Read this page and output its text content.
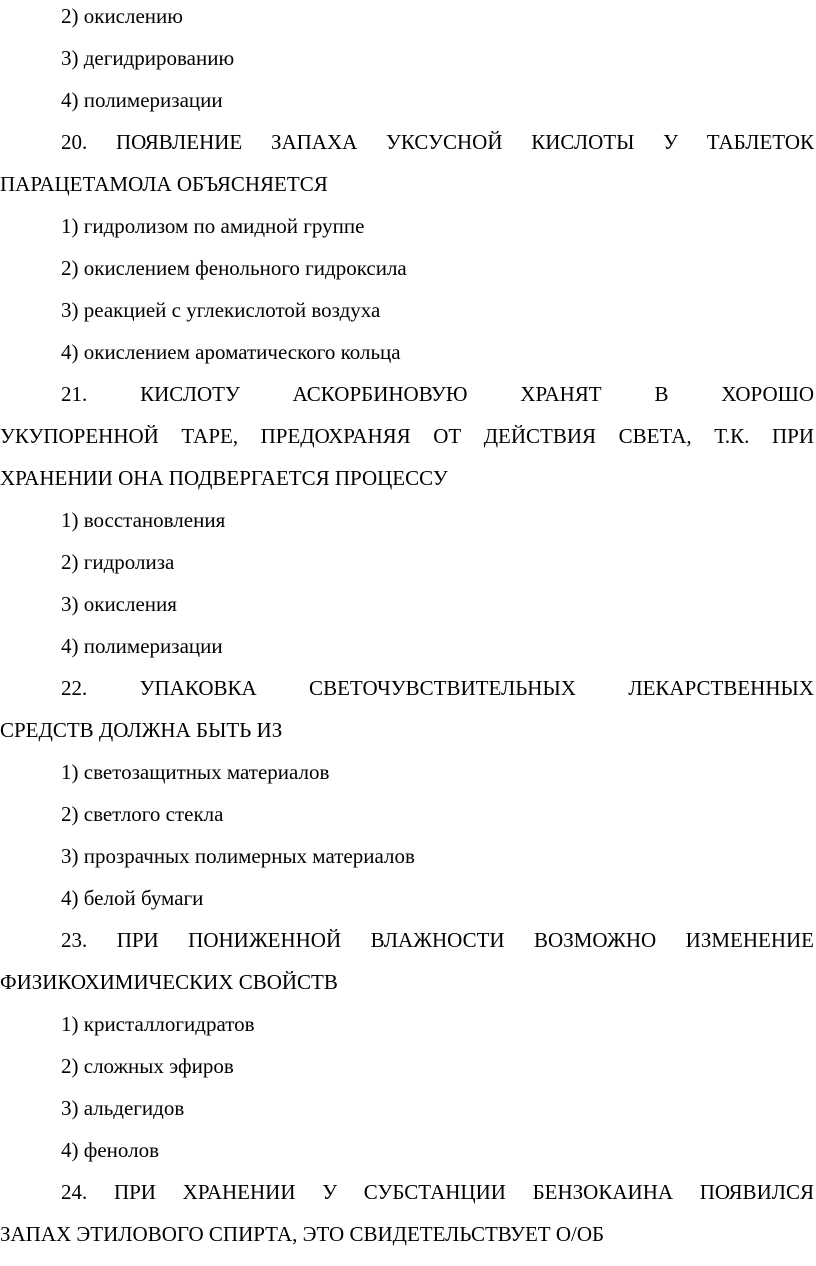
2) окислению
3) дегидрированию
4) полимеризации
20. ПОЯВЛЕНИЕ ЗАПАХА УКСУСНОЙ КИСЛОТЫ У ТАБЛЕТОК
ПАРАЦЕТАМОЛА ОБЪЯСНЯЕТСЯ
1) гидролизом по амидной группе
2) окислением фенольного гидроксила
3) реакцией с углекислотой воздуха
4) окислением ароматического кольца
21. КИСЛОТУ АСКОРБИНОВУЮ ХРАНЯТ В ХОРОШО
УКУПОРЕННОЙ ТАРЕ, ПРЕДОХРАНЯЯ ОТ ДЕЙСТВИЯ СВЕТА, Т.К. ПРИ
ХРАНЕНИИ ОНА ПОДВЕРГАЕТСЯ ПРОЦЕССУ
1) восстановления
2) гидролиза
3) окисления
4) полимеризации
22. УПАКОВКА СВЕТОЧУВСТВИТЕЛЬНЫХ ЛЕКАРСТВЕННЫХ
СРЕДСТВ ДОЛЖНА БЫТЬ ИЗ
1) светозащитных материалов
2) светлого стекла
3) прозрачных полимерных материалов
4) белой бумаги
23. ПРИ ПОНИЖЕННОЙ ВЛАЖНОСТИ ВОЗМОЖНО ИЗМЕНЕНИЕ
ФИЗИКОХИМИЧЕСКИХ СВОЙСТВ
1) кристаллогидратов
2) сложных эфиров
3) альдегидов
4) фенолов
24. ПРИ ХРАНЕНИИ У СУБСТАНЦИИ БЕНЗОКАИНА ПОЯВИЛСЯ
ЗАПАХ ЭТИЛОВОГО СПИРТА, ЭТО СВИДЕТЕЛЬСТВУЕТ О/ОБ
